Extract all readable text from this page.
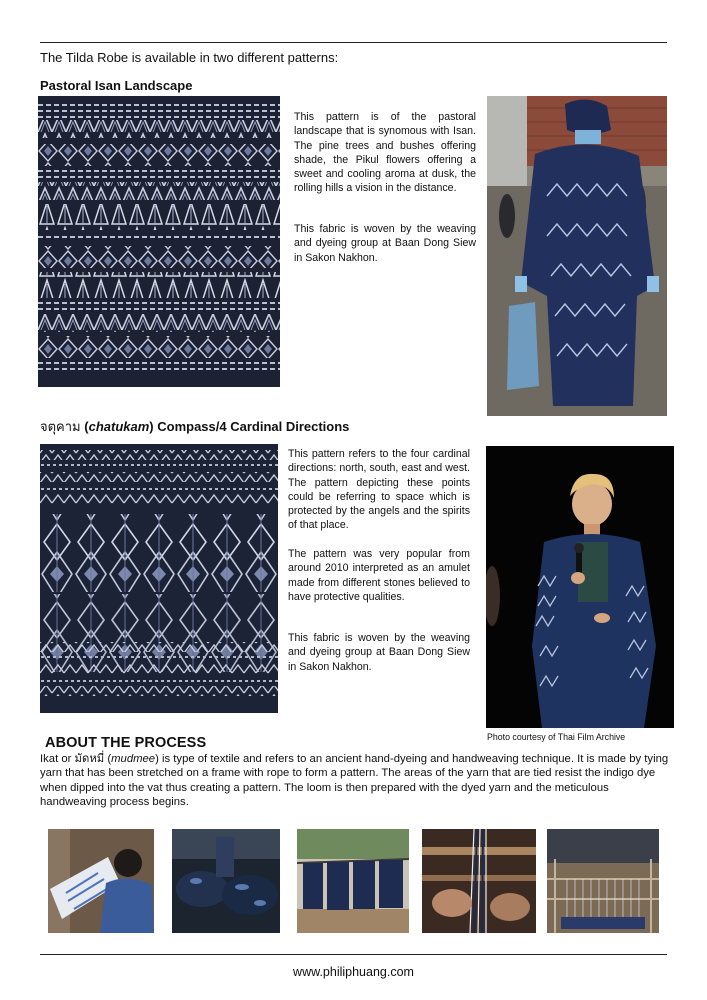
The Tilda Robe is available in two different patterns:
Pastoral Isan Landscape
This pattern is of the pastoral landscape that is synomous with Isan. The pine trees and bushes offering shade, the Pikul flowers offering a sweet and cooling aroma at dusk, the rolling hills a vision in the distance.
This fabric is woven by the weaving and dyeing group at Baan Dong Siew in Sakon Nakhon.
จตุคาม (chatukam) Compass/4 Cardinal Directions
This pattern refers to the four cardinal directions: north, south, east and west. The pattern depicting these points could be referring to space which is protected by the angels and the spirits of that place.
The pattern was very popular from around 2010 interpreted as an amulet made from different stones believed to have protective qualities.
This fabric is woven by the weaving and dyeing group at Baan Dong Siew in Sakon Nakhon.
Photo courtesy of Thai Film Archive
ABOUT THE PROCESS
Ikat or มัดหมี่ (mudmee) is type of textile and refers to an ancient hand-dyeing and handweaving technique. It is made by tying yarn that has been stretched on a frame with rope to form a pattern. The areas of the yarn that are tied resist the indigo dye when dipped into the vat thus creating a pattern. The loom is then prepared with the dyed yarn and the meticulous handweaving process begins.
www.philiphuang.com
